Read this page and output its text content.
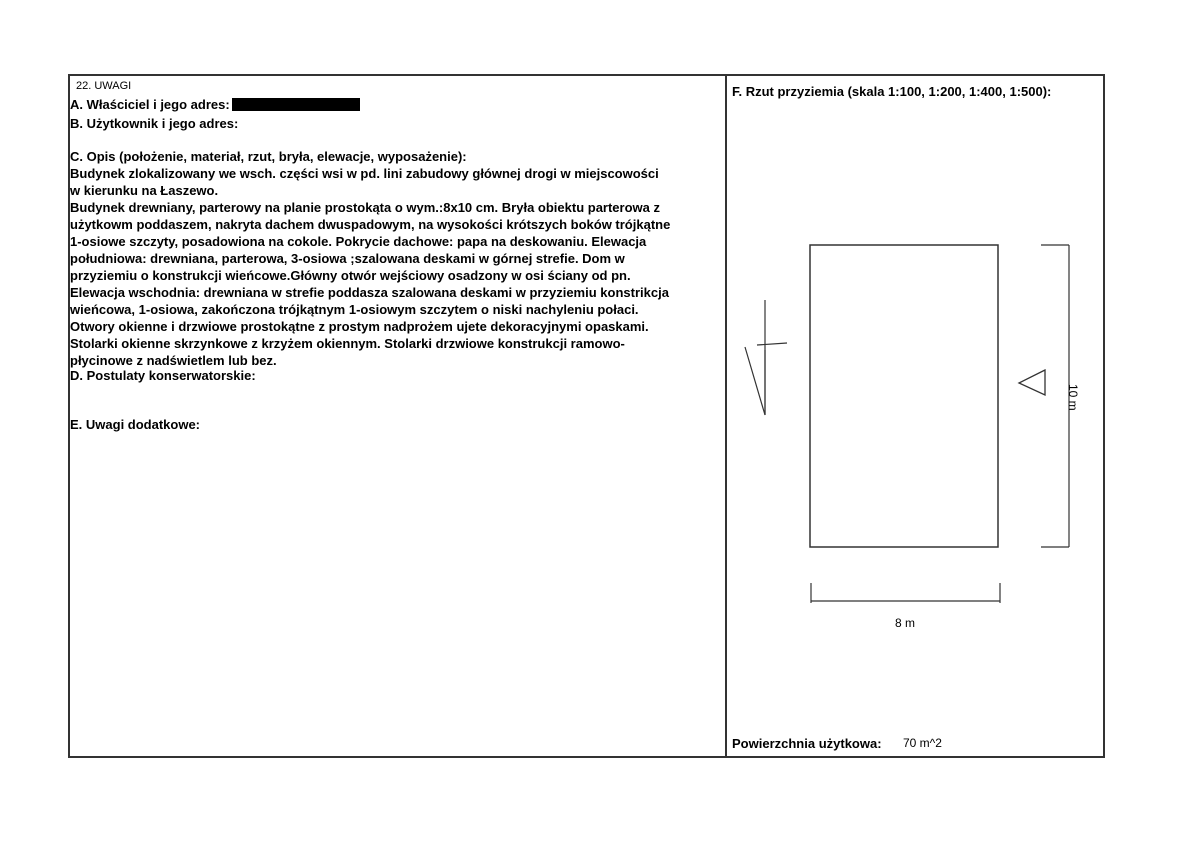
22. UWAGI
A. Właściciel i jego adres:
B. Użytkownik i jego adres:
C. Opis (położenie, materiał, rzut, bryła, elewacje, wyposażenie):
Budynek zlokalizowany we wsch. części wsi w pd. lini zabudowy głównej drogi w miejscowości
w kierunku na Łaszewo.
Budynek drewniany, parterowy na planie prostokąta o wym.:8x10 cm. Bryła obiektu parterowa z
użytkowm poddaszem, nakryta dachem dwuspadowym, na wysokości krótszych boków trójkątne
1-osiowe szczyty, posadowiona na cokole. Pokrycie dachowe: papa na deskowaniu. Elewacja
południowa: drewniana, parterowa, 3-osiowa ;szalowana deskami w górnej strefie. Dom w
przyziemiu o konstrukcji wieńcowe.Główny otwór wejściowy osadzony w osi ściany od pn.
Elewacja wschodnia: drewniana w strefie poddasza szalowana deskami w przyziemiu konstrikcja
wieńcowa, 1-osiowa, zakończona trójkątnym 1-osiowym szczytem o niski nachyleniu połaci.
Otwory okienne i drzwiowe prostokątne z prostym nadprożem ujete dekoracyjnymi opaskami.
Stolarki okienne skrzynkowe z krzyżem okiennym. Stolarki drzwiowe konstrukcji ramowo-
płycinowe z nadświetlem lub bez.
D. Postulaty konserwatorskie:
E. Uwagi dodatkowe:
F. Rzut przyziemia (skala 1:100, 1:200, 1:400, 1:500):
8 m
10 m
Powierzchnia użytkowa: 70 m^2
